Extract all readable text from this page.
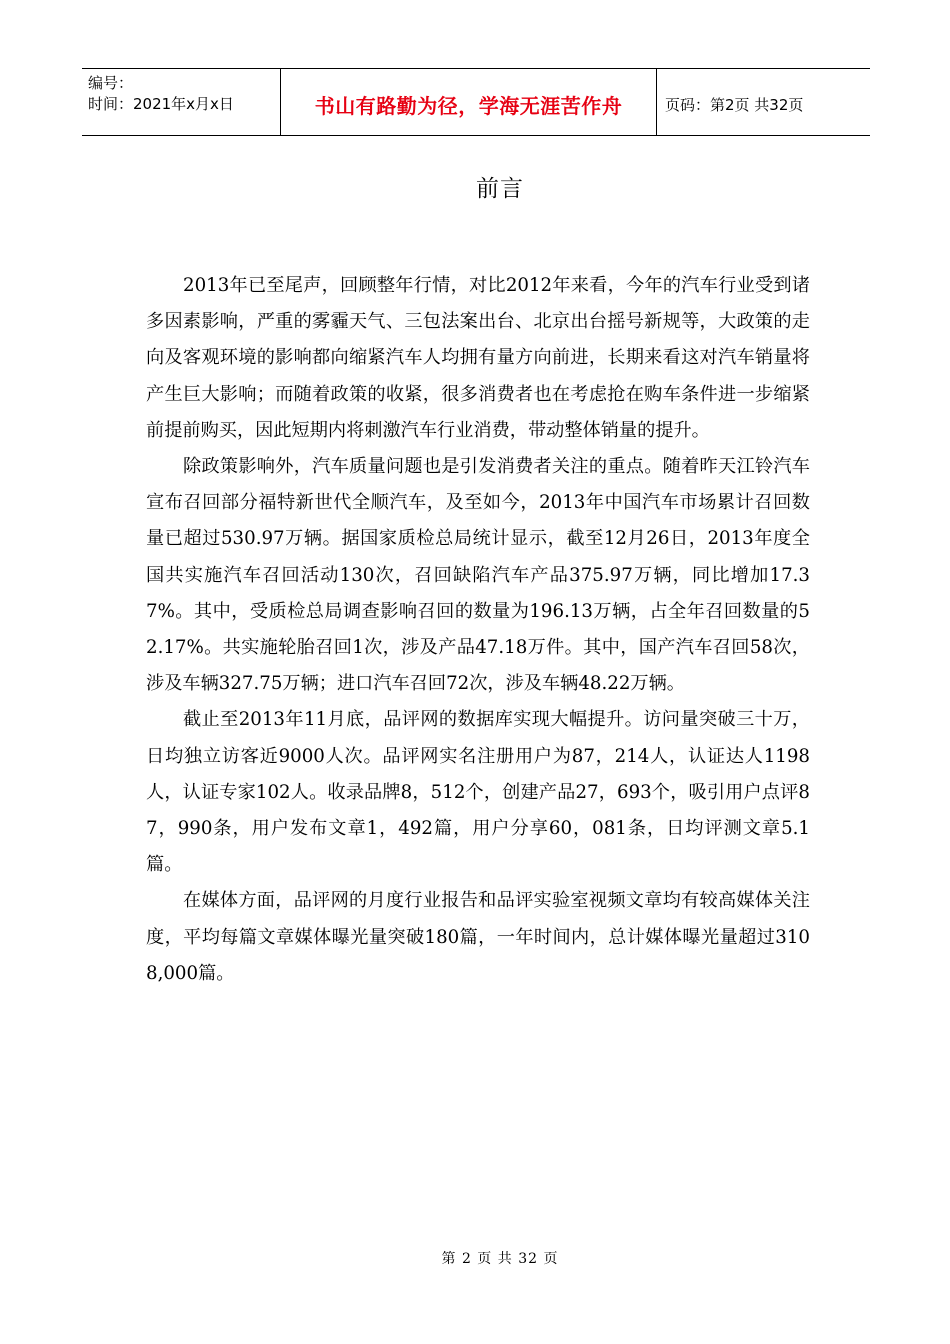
编号：
时间：2021年x月x日	书山有路勤为径，学海无涯苦作舟	页码：第2页 共32页
前言

2013年已至尾声，回顾整年行情，对比2012年来看，今年的汽车行业受到诸多因素影响，严重的雾霾天气、三包法案出台、北京出台摇号新规等，大政策的走向及客观环境的影响都向缩紧汽车人均拥有量方向前进，长期来看这对汽车销量将产生巨大影响；而随着政策的收紧，很多消费者也在考虑抢在购车条件进一步缩紧前提前购买，因此短期内将刺激汽车行业消费，带动整体销量的提升。

除政策影响外，汽车质量问题也是引发消费者关注的重点。随着昨天江铃汽车宣布召回部分福特新世代全顺汽车，及至如今，2013年中国汽车市场累计召回数量已超过530.97万辆。据国家质检总局统计显示，截至12月26日，2013年度全国共实施汽车召回活动130次，召回缺陷汽车产品375.97万辆，同比增加17.37%。其中，受质检总局调查影响召回的数量为196.13万辆，占全年召回数量的52.17%。共实施轮胎召回1次，涉及产品47.18万件。其中，国产汽车召回58次，涉及车辆327.75万辆；进口汽车召回72次，涉及车辆48.22万辆。

截止至2013年11月底，品评网的数据库实现大幅提升。访问量突破三十万，日均独立访客近9000人次。品评网实名注册用户为87，214人，认证达人1198人，认证专家102人。收录品牌8，512个，创建产品27，693个，吸引用户点评87，990条，用户发布文章1，492篇，用户分享60，081条，日均评测文章5.1篇。

在媒体方面，品评网的月度行业报告和品评实验室视频文章均有较高媒体关注度，平均每篇文章媒体曝光量突破180篇，一年时间内，总计媒体曝光量超过3108,000篇。

第 2 页 共 32 页
